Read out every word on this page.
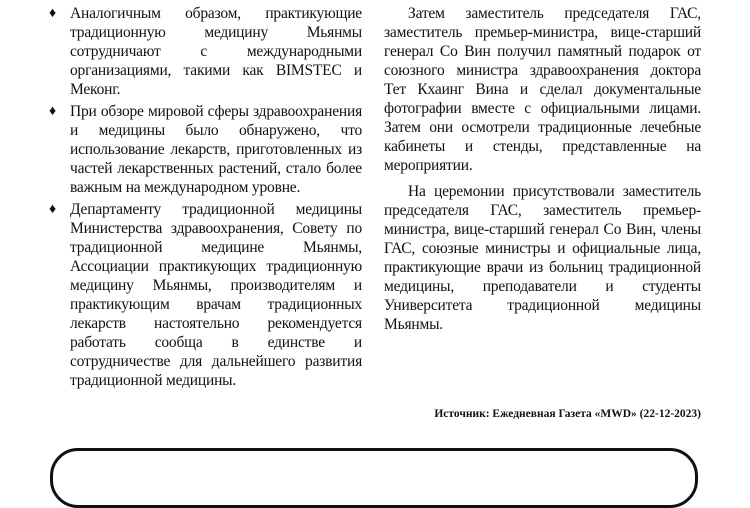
♦ Аналогичным образом, практикующие традиционную медицину Мьянмы сотрудничают с международными организациями, такими как BIMSTEC и Меконг.
♦ При обзоре мировой сферы здравоохранения и медицины было обнаружено, что использование лекарств, приготовленных из частей лекарственных растений, стало более важным на международном уровне.
♦ Департаменту традиционной медицины Министерства здравоохранения, Совету по традиционной медицине Мьянмы, Ассоциации практикующих традиционную медицину Мьянмы, производителям и практикующим врачам традиционных лекарств настоятельно рекомендуется работать сообща в единстве и сотрудничестве для дальнейшего развития традиционной медицины.

Затем заместитель председателя ГАС, заместитель премьер-министра, вице-старший генерал Со Вин получил памятный подарок от союзного министра здравоохранения доктора Тет Кхаинг Вина и сделал документальные фотографии вместе с официальными лицами. Затем они осмотрели традиционные лечебные кабинеты и стенды, представленные на мероприятии.

На церемонии присутствовали заместитель председателя ГАС, заместитель премьер-министра, вице-старший генерал Со Вин, члены ГАС, союзные министры и официальные лица, практикующие врачи из больниц традиционной медицины, преподаватели и студенты Университета традиционной медицины Мьянмы.

Источник: Ежедневная Газета «MWD» (22-12-2023)
